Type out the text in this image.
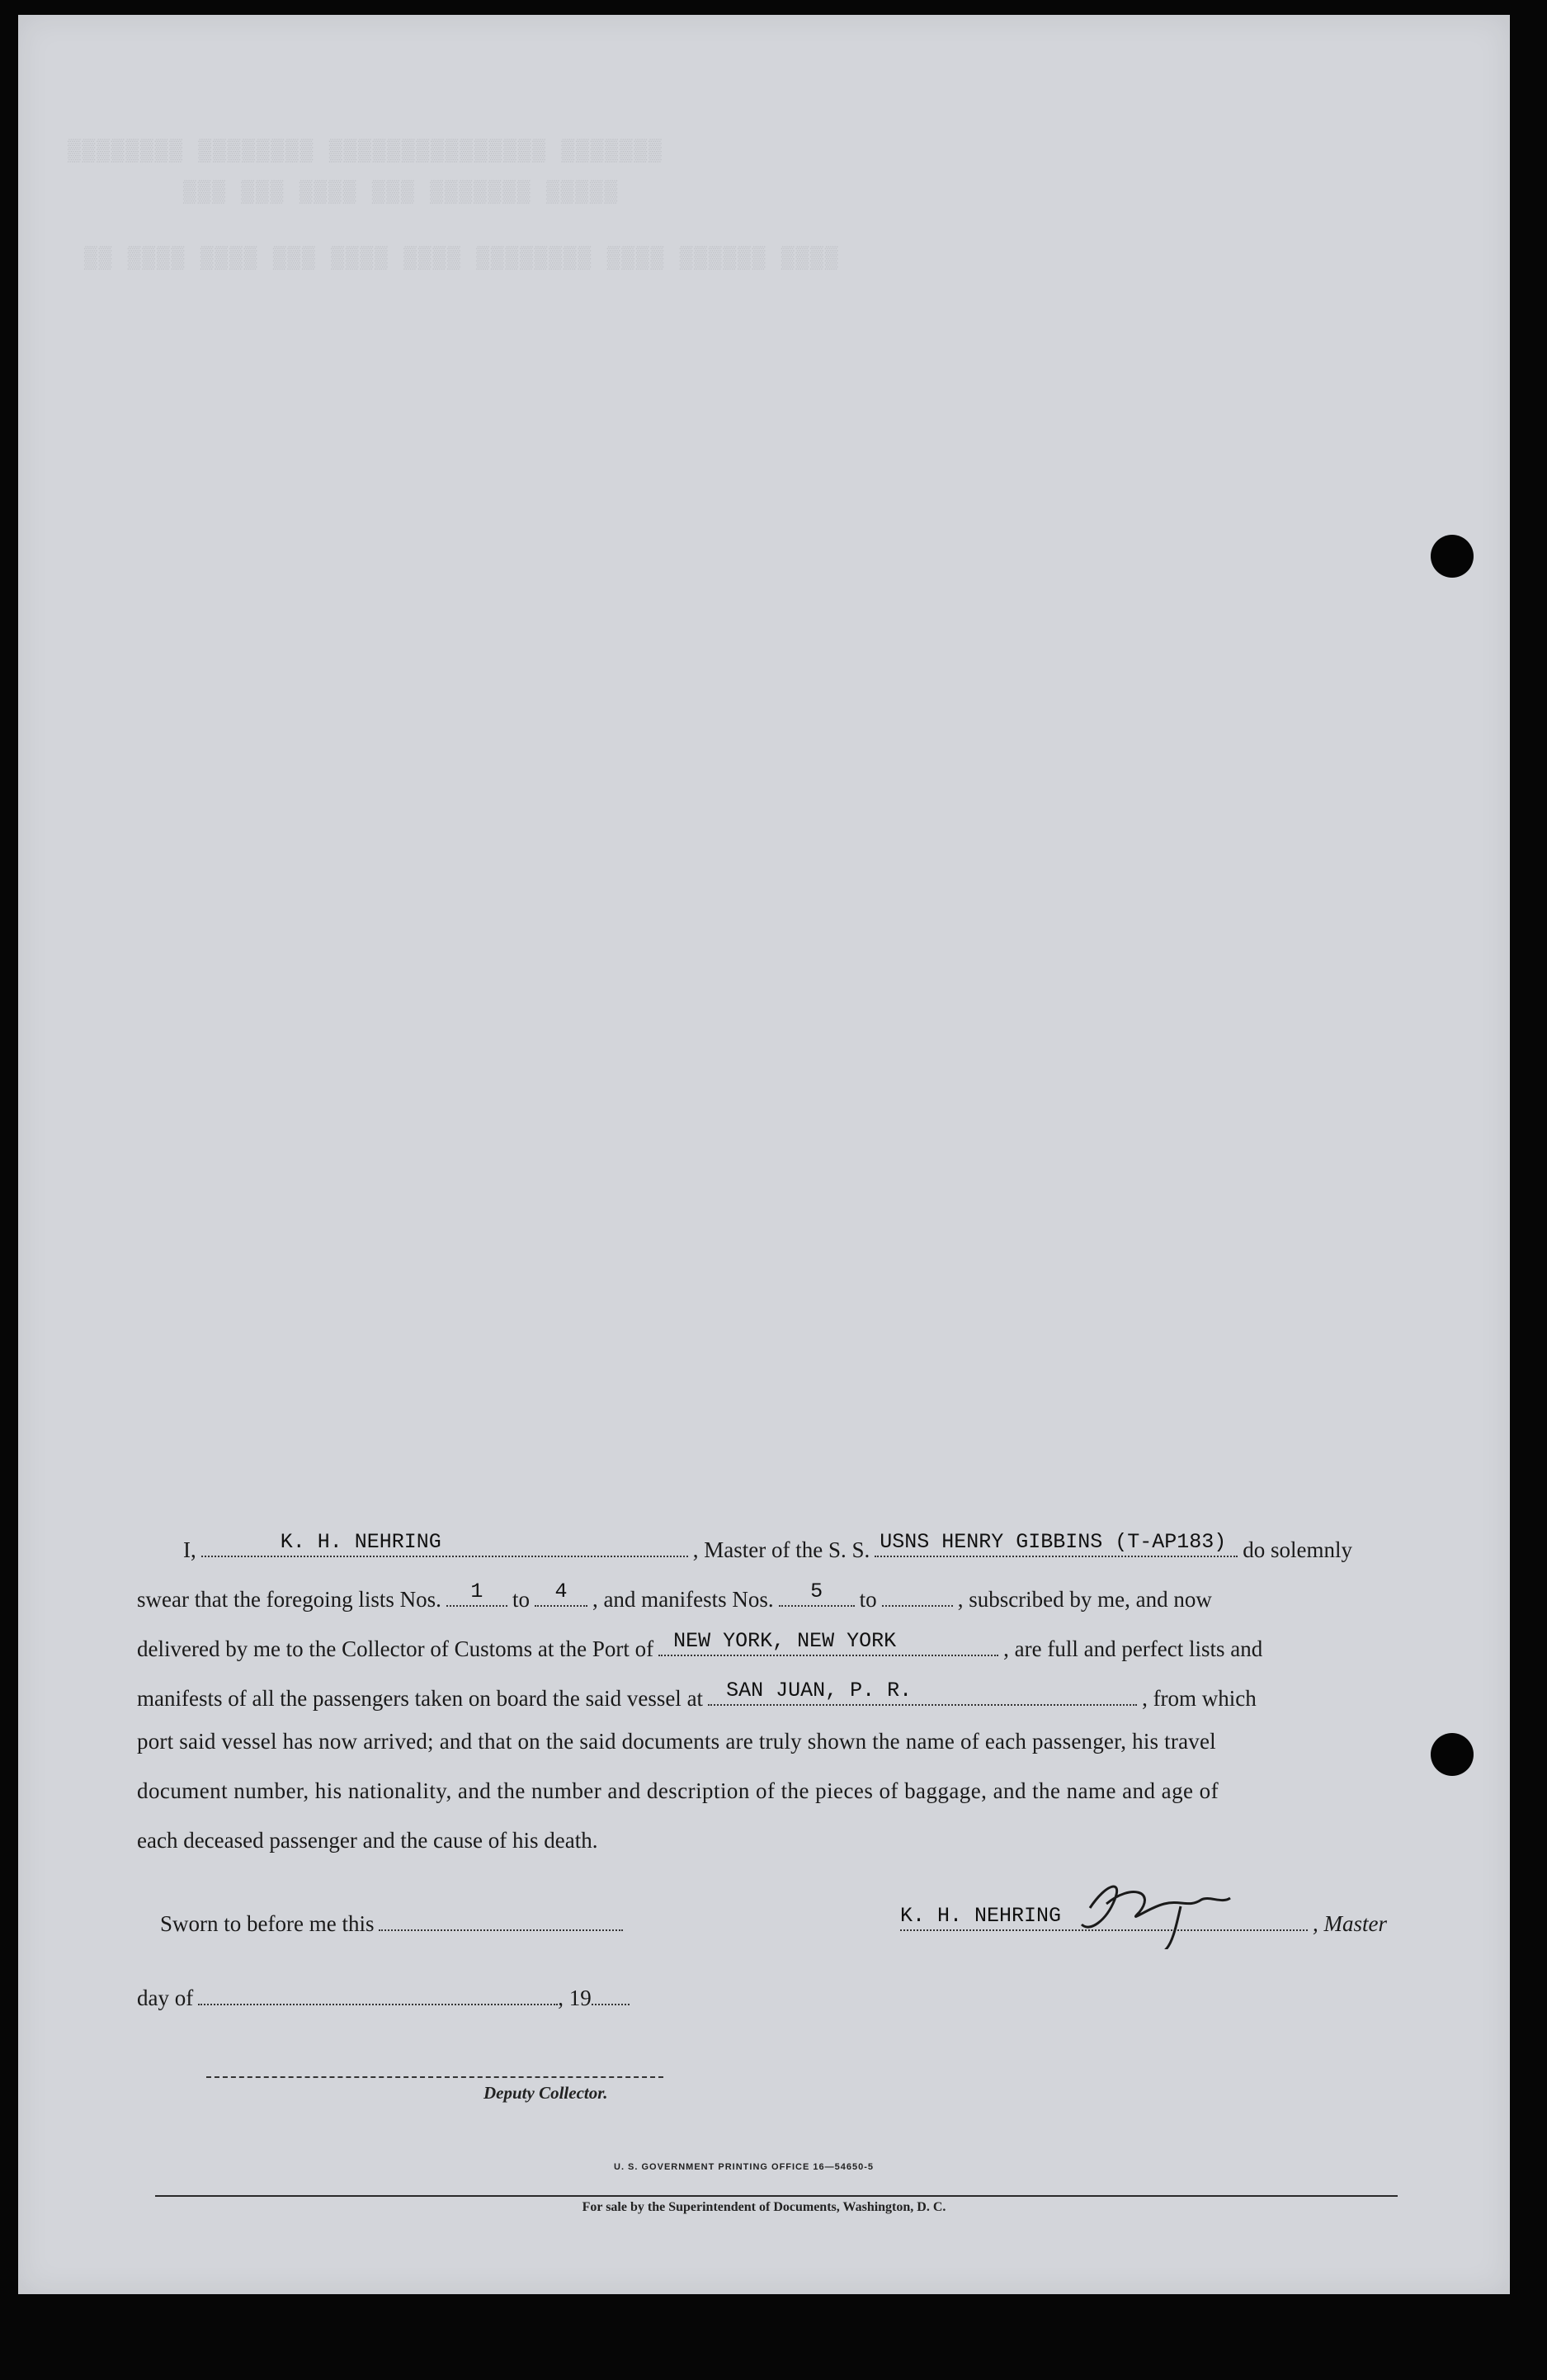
▒▒▒▒▒▒▒▒ ▒▒▒▒▒▒▒▒ ▒▒▒▒▒▒▒▒▒▒▒▒▒▒▒ ▒▒▒▒▒▒▒
▒▒▒ ▒▒▒ ▒▒▒▒ ▒▒▒ ▒▒▒▒▒▒▒ ▒▒▒▒▒
▒▒ ▒▒▒▒ ▒▒▒▒ ▒▒▒ ▒▒▒▒ ▒▒▒▒ ▒▒▒▒▒▒▒▒ ▒▒▒▒ ▒▒▒▒▒▒ ▒▒▒▒
U. S. GOVERNMENT PRINTING OFFICE 16—54650-5
For sale by the Superintendent of Documents, Washington, D. C.
I,	K. H. NEHRING	, Master of the S. S. USNS HENRY GIBBINS (T-AP183) do solemnly
swear that the foregoing lists Nos.	1	to	4	, and manifests Nos.	5	to	, subscribed by me, and now
delivered by me to the Collector of Customs at the Port of NEW YORK, NEW YORK	, are full and perfect lists and
manifests of all the passengers taken on board the said vessel at	SAN JUAN, P. R.	, from which
port said vessel has now arrived; and that on the said documents are truly shown the name of each passenger, his travel
document number, his nationality, and the number and description of the pieces of baggage, and the name and age of
each deceased passenger and the cause of his death.
Sworn to before me this	K. H. NEHRING	, Master
day of	, 19
Deputy Collector.
